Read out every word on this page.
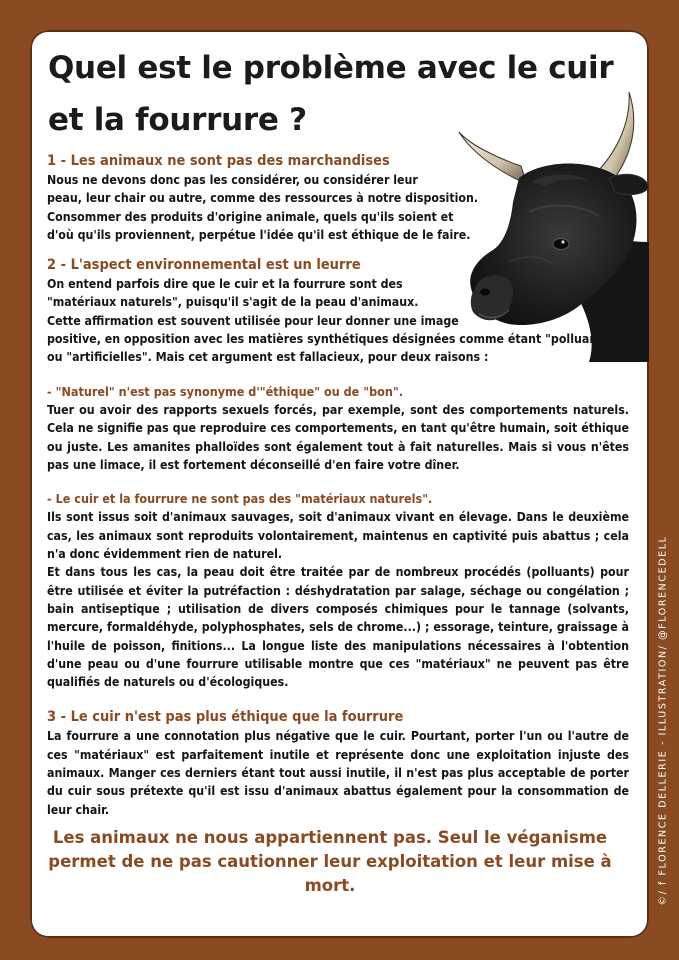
Quel est le problème avec le cuir
et la fourrure ?

1 - Les animaux ne sont pas des marchandises

Nous ne devons donc pas les considérer, ou considérer leur

peau, leur chair ou autre, comme des ressources à notre disposition.

Consommer des produits d'origine animale, quels qu'ils soient et

d'où qu'ils proviennent, perpétue l'idée qu'il est éthique de le faire.

2 - L'aspect environnemental est un leurre

On entend parfois dire que le cuir et la fourrure sont des

"matériaux naturels", puisqu'il s'agit de la peau d'animaux.

Cette affirmation est souvent utilisée pour leur donner une image

positive, en opposition avec les matières synthétiques désignées comme étant "polluantes"

ou "artificielles". Mais cet argument est fallacieux, pour deux raisons :

- "Naturel" n'est pas synonyme d'"éthique" ou de "bon".

Tuer ou avoir des rapports sexuels forcés, par exemple, sont des comportements naturels. Cela ne signifie pas que reproduire ces comportements, en tant qu'être humain, soit éthique ou juste. Les amanites phalloïdes sont également tout à fait naturelles. Mais si vous n'êtes pas une limace, il est fortement déconseillé d'en faire votre dîner.

- Le cuir et la fourrure ne sont pas des "matériaux naturels".

Ils sont issus soit d'animaux sauvages, soit d'animaux vivant en élevage. Dans le deuxième cas, les animaux sont reproduits volontairement, maintenus en captivité puis abattus ; cela n'a donc évidemment rien de naturel.

Et dans tous les cas, la peau doit être traitée par de nombreux procédés (polluants) pour être utilisée et éviter la putréfaction : déshydratation par salage, séchage ou congélation ; bain antiseptique ; utilisation de divers composés chimiques pour le tannage (solvants, mercure, formaldéhyde, polyphosphates, sels de chrome...) ; essorage, teinture, graissage à l'huile de poisson, finitions... La longue liste des manipulations nécessaires à l'obtention d'une peau ou d'une fourrure utilisable montre que ces "matériaux" ne peuvent pas être qualifiés de naturels ou d'écologiques.

3 - Le cuir n'est pas plus éthique que la fourrure

La fourrure a une connotation plus négative que le cuir. Pourtant, porter l'un ou l'autre de ces "matériaux" est parfaitement inutile et représente donc une exploitation injuste des animaux. Manger ces derniers étant tout aussi inutile, il n'est pas plus acceptable de porter du cuir sous prétexte qu'il est issu d'animaux abattus également pour la consommation de leur chair.

Les animaux ne nous appartiennent pas. Seul le véganisme
permet de ne pas cautionner leur exploitation et leur mise à mort.	©/ f FLORENCE DELLERIE - ILLUSTRATION/ @FLORENCEDELL
